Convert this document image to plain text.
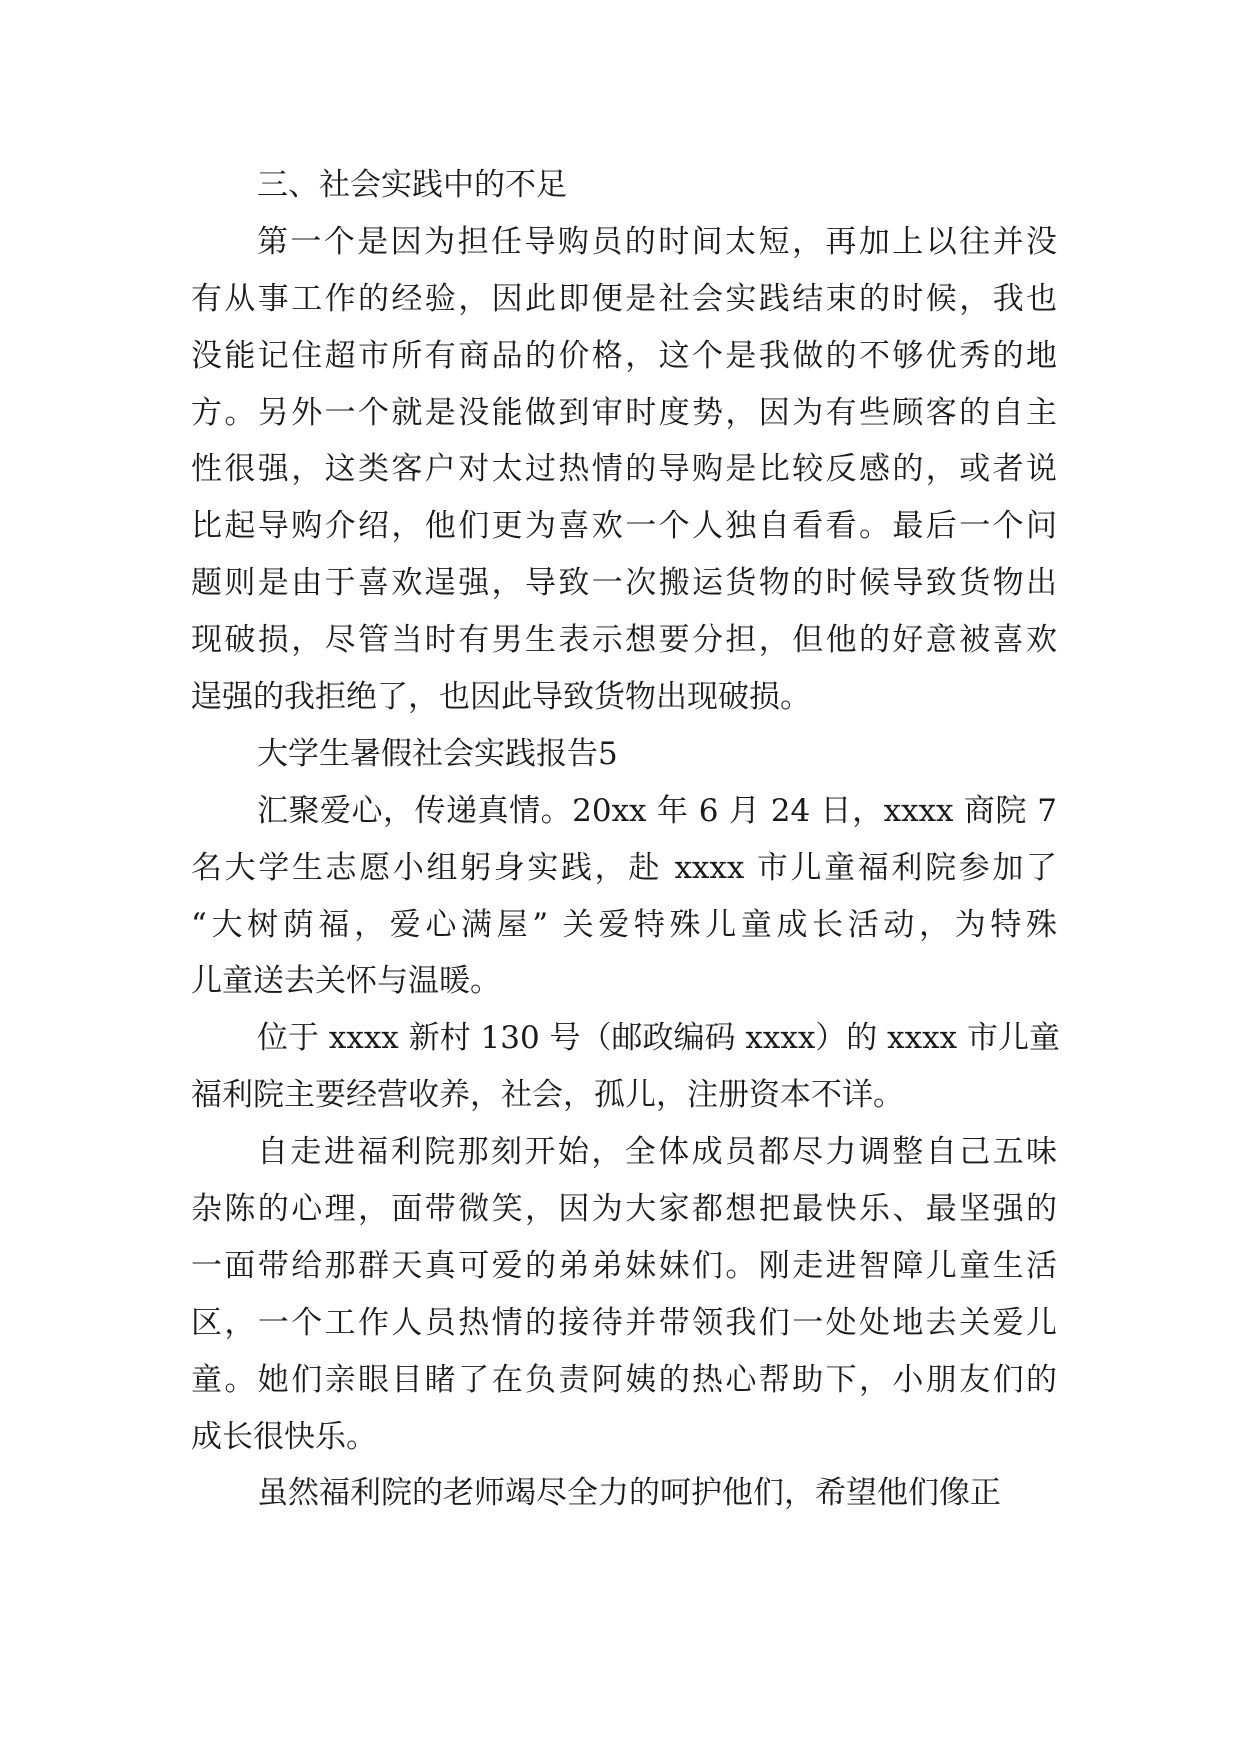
三、社会实践中的不足
第一个是因为担任导购员的时间太短，再加上以往并没
有从事工作的经验，因此即便是社会实践结束的时候，我也
没能记住超市所有商品的价格，这个是我做的不够优秀的地
方。另外一个就是没能做到审时度势，因为有些顾客的自主
性很强，这类客户对太过热情的导购是比较反感的，或者说
比起导购介绍，他们更为喜欢一个人独自看看。最后一个问
题则是由于喜欢逞强，导致一次搬运货物的时候导致货物出
现破损，尽管当时有男生表示想要分担，但他的好意被喜欢
逞强的我拒绝了，也因此导致货物出现破损。
大学生暑假社会实践报告5
汇聚爱心，传递真情。20xx 年 6 月 24 日，xxxx 商院 7
名大学生志愿小组躬身实践，赴 xxxx 市儿童福利院参加了
“大树荫福，爱心满屋” 关爱特殊儿童成长活动，为特殊
儿童送去关怀与温暖。
位于 xxxx 新村 130 号（邮政编码 xxxx）的 xxxx 市儿童
福利院主要经营收养，社会，孤儿，注册资本不详。
自走进福利院那刻开始，全体成员都尽力调整自己五味
杂陈的心理，面带微笑，因为大家都想把最快乐、最坚强的
一面带给那群天真可爱的弟弟妹妹们。刚走进智障儿童生活
区，一个工作人员热情的接待并带领我们一处处地去关爱儿
童。她们亲眼目睹了在负责阿姨的热心帮助下，小朋友们的
成长很快乐。
虽然福利院的老师竭尽全力的呵护他们，希望他们像正
